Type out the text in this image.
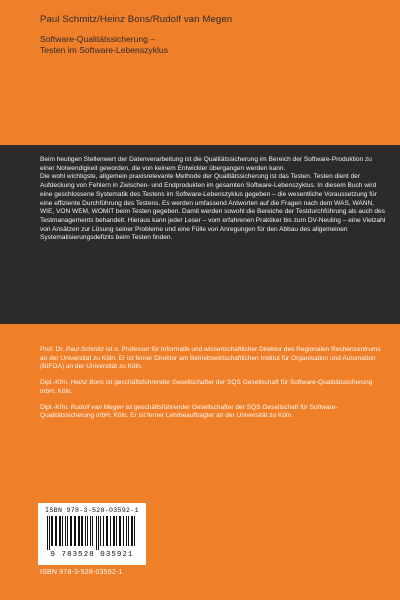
Paul Schmitz/Heinz Bons/Rudolf van Megen
Software-Qualitätssicherung –
Testen im Software-Lebenszyklus

Beim heutigen Stellenwert der Datenverarbeitung ist die Qualitätssicherung im Bereich der Software-Produktion zu einer Notwendigkeit geworden, die von keinem Entwickler übergangen werden kann.

Die wohl wichtigste, allgemein praxisrelevante Methode der Qualitätssicherung ist das Testen. Testen dient der Aufdeckung von Fehlern in Zwischen- und Endprodukten im gesamten Software-Lebenszyklus. In diesem Buch wird eine geschlossene Systematik des Testens im Software-Lebenszyklus gegeben – die wesentliche Voraussetzung für eine effiziente Durchführung des Testens. Es werden umfassend Antworten auf die Fragen nach dem WAS, WANN, WIE, VON WEM, WOMIT beim Testen gegeben. Damit werden sowohl die Bereiche der Testdurchführung als auch des Testmanagements behandelt. Hieraus kann jeder Leser – vom erfahrenen Praktiker bis zum DV-Neuling – eine Vielzahl von Ansätzen zur Lösung seiner Probleme und eine Fülle von Anregungen für den Abbau des allgemeinen Systematisierungsdefizits beim Testen finden.

Prof. Dr. Paul Schmitz ist o. Professor für Informatik und wissenschaftlicher Direktor des Regionalen Rechenzentrums an der Universität zu Köln. Er ist ferner Direktor am Betriebswirtschaftlichen Institut für Organisation und Automation (BIFOA) an der Universität zu Köln.

Dipl.-Kfm. Heinz Bons ist geschäftsführender Gesellschafter der SQS Gesellschaft für Software-Qualitätssicherung mbH, Köln.

Dipl.-Kfm. Rudolf van Megen ist geschäftsführender Gesellschafter der SQS Gesellschaft für Software-Qualitätssicherung mbH, Köln. Er ist ferner Lehrbeauftragter an der Universität zu Köln.

ISBN 978-3-528-03592-1
9 783528 035921
ISBN 978-3-528-03592-1
